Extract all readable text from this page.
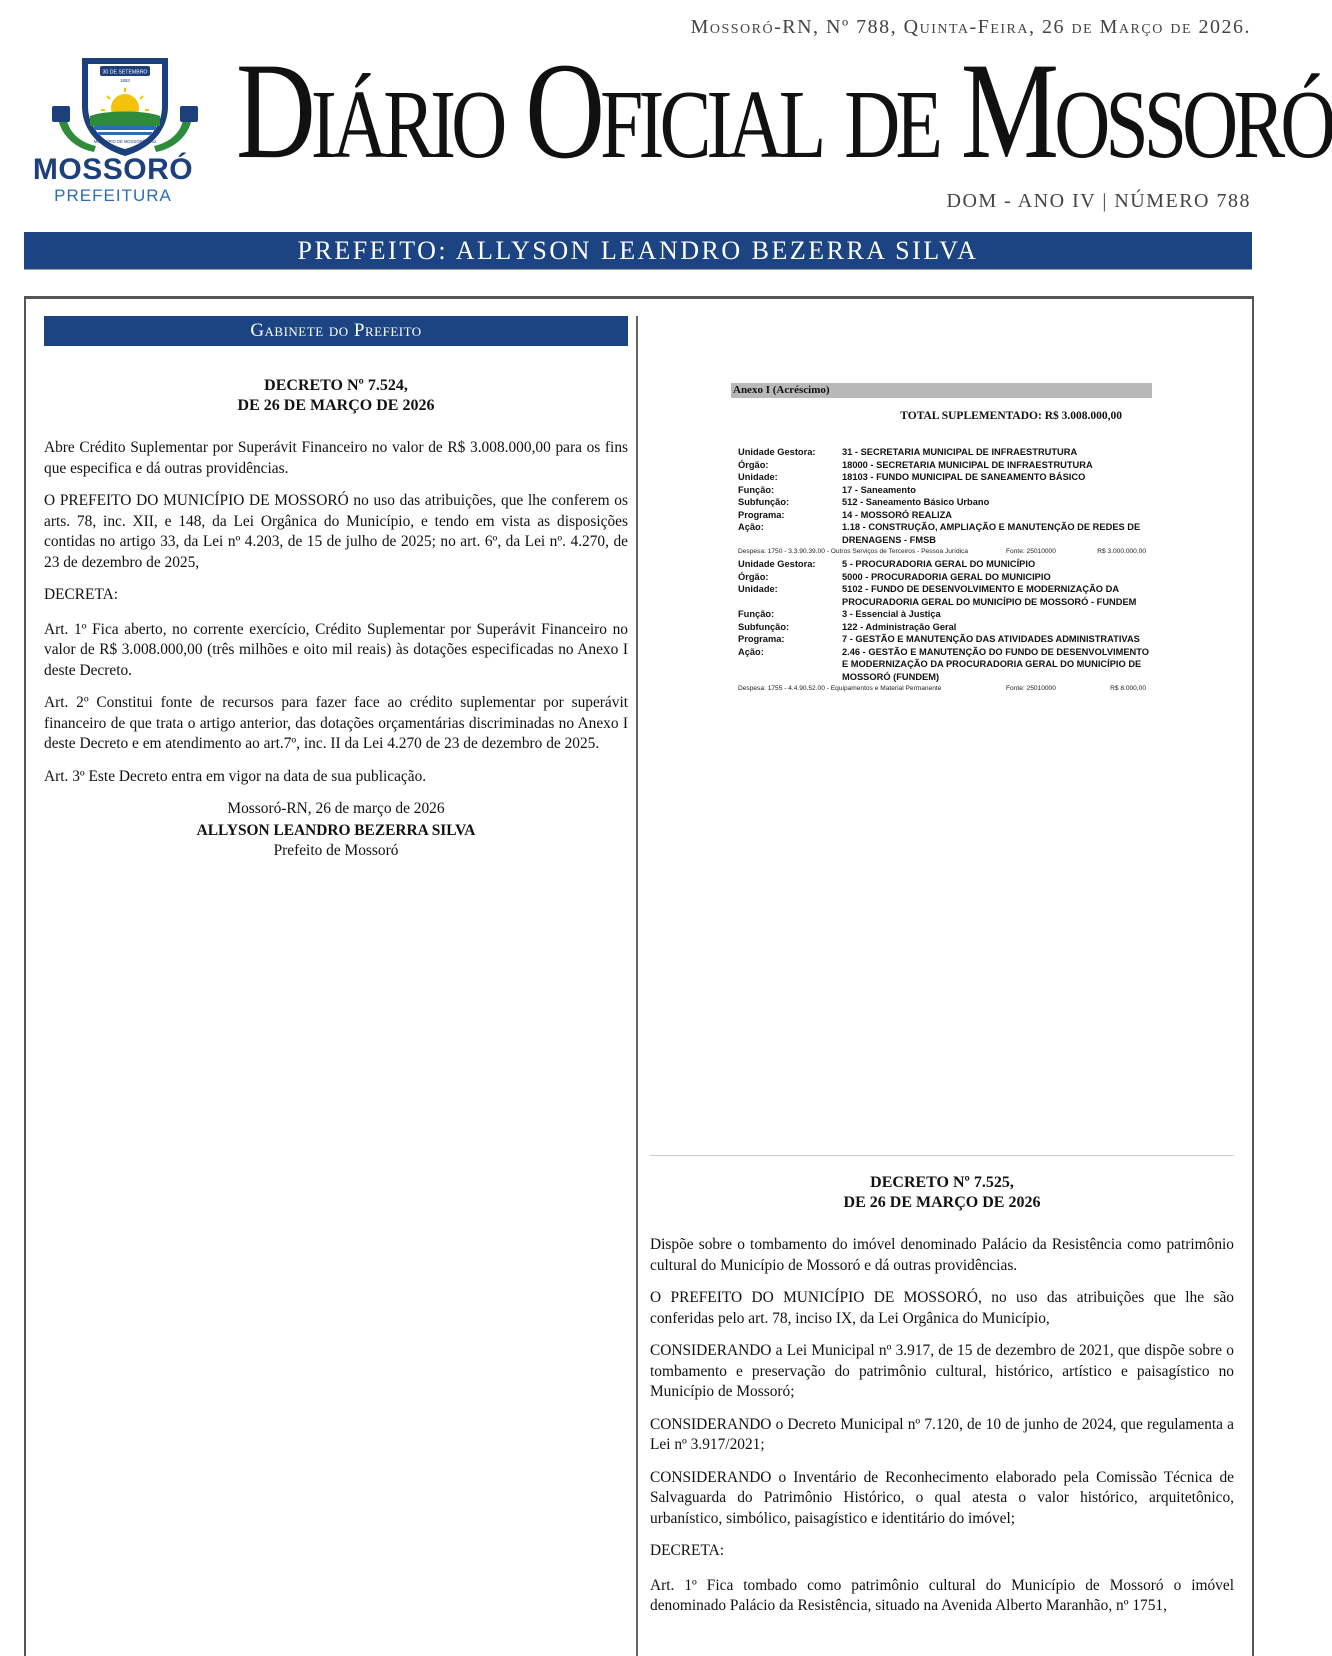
30 DE SETEMBRO
1883
MUNICÍPIO DE MOSSORÓ 1852
MOSSORÓ
PREFEITURA
Mossoró-RN, Nº 788, Quinta-Feira, 26 de Março de 2026.
Diário Oficial de Mossoró
DOM - ANO IV | NÚMERO 788
PREFEITO: ALLYSON LEANDRO BEZERRA SILVA
Gabinete do Prefeito
DECRETO Nº 7.524,
DE 26 DE MARÇO DE 2026

Abre Crédito Suplementar por Superávit Financeiro no valor de R$ 3.008.000,00 para os fins que especifica e dá outras providências.

O PREFEITO DO MUNICÍPIO DE MOSSORÓ no uso das atribuições, que lhe conferem os arts. 78, inc. XII, e 148, da Lei Orgânica do Município, e tendo em vista as disposições contidas no artigo 33, da Lei nº 4.203, de 15 de julho de 2025; no art. 6º, da Lei nº. 4.270, de 23 de dezembro de 2025,

DECRETA:

Art. 1º Fica aberto, no corrente exercício, Crédito Suplementar por Superávit Financeiro no valor de R$ 3.008.000,00 (três milhões e oito mil reais) às dotações especificadas no Anexo I deste Decreto.

Art. 2º Constitui fonte de recursos para fazer face ao crédito suplementar por superávit financeiro de que trata o artigo anterior, das dotações orçamentárias discriminadas no Anexo I deste Decreto e em atendimento ao art.7º, inc. II da Lei 4.270 de 23 de dezembro de 2025.

Art. 3º Este Decreto entra em vigor na data de sua publicação.

Mossoró-RN, 26 de março de 2026

ALLYSON LEANDRO BEZERRA SILVA

Prefeito de Mossoró

Anexo I (Acréscimo)
TOTAL SUPLEMENTADO: R$ 3.008.000,00
Unidade Gestora:	31 - SECRETARIA MUNICIPAL DE INFRAESTRUTURA
Órgão:	18000 - SECRETARIA MUNICIPAL DE INFRAESTRUTURA
Unidade:	18103 - FUNDO MUNICIPAL DE SANEAMENTO BÁSICO
Função:	17 - Saneamento
Subfunção:	512 - Saneamento Básico Urbano
Programa:	14 - MOSSORÓ REALIZA
Ação:	1.18 - CONSTRUÇÃO, AMPLIAÇÃO E MANUTENÇÃO DE REDES DE DRENAGENS - FMSB
Despesa: 1750 - 3.3.90.39.00 - Outros Serviços de Terceiros - Pessoa Jurídica	Fonte: 25010000	R$ 3.000.000,00
Unidade Gestora:	5 - PROCURADORIA GERAL DO MUNICÍPIO
Órgão:	5000 - PROCURADORIA GERAL DO MUNICIPIO
Unidade:	5102 - FUNDO DE DESENVOLVIMENTO E MODERNIZAÇÃO DA PROCURADORIA GERAL DO MUNICÍPIO DE MOSSORÓ - FUNDEM
Função:	3 - Essencial à Justiça
Subfunção:	122 - Administração Geral
Programa:	7 - GESTÃO E MANUTENÇÃO DAS ATIVIDADES ADMINISTRATIVAS
Ação:	2.46 - GESTÃO E MANUTENÇÃO DO FUNDO DE DESENVOLVIMENTO E MODERNIZAÇÃO DA PROCURADORIA GERAL DO MUNICÍPIO DE MOSSORÓ (FUNDEM)
Despesa: 1755 - 4.4.90.52.00 - Equipamentos e Material Permanente	Fonte: 25010000	R$ 8.000,00
DECRETO Nº 7.525,
DE 26 DE MARÇO DE 2026

Dispõe sobre o tombamento do imóvel denominado Palácio da Resistência como patrimônio cultural do Município de Mossoró e dá outras providências.

O PREFEITO DO MUNICÍPIO DE MOSSORÓ, no uso das atribuições que lhe são conferidas pelo art. 78, inciso IX, da Lei Orgânica do Município,

CONSIDERANDO a Lei Municipal nº 3.917, de 15 de dezembro de 2021, que dispõe sobre o tombamento e preservação do patrimônio cultural, histórico, artístico e paisagístico no Município de Mossoró;

CONSIDERANDO o Decreto Municipal nº 7.120, de 10 de junho de 2024, que regulamenta a Lei nº 3.917/2021;

CONSIDERANDO o Inventário de Reconhecimento elaborado pela Comissão Técnica de Salvaguarda do Patrimônio Histórico, o qual atesta o valor histórico, arquitetônico, urbanístico, simbólico, paisagístico e identitário do imóvel;

DECRETA:

Art. 1º Fica tombado como patrimônio cultural do Município de Mossoró o imóvel denominado Palácio da Resistência, situado na Avenida Alberto Maranhão, nº 1751,
